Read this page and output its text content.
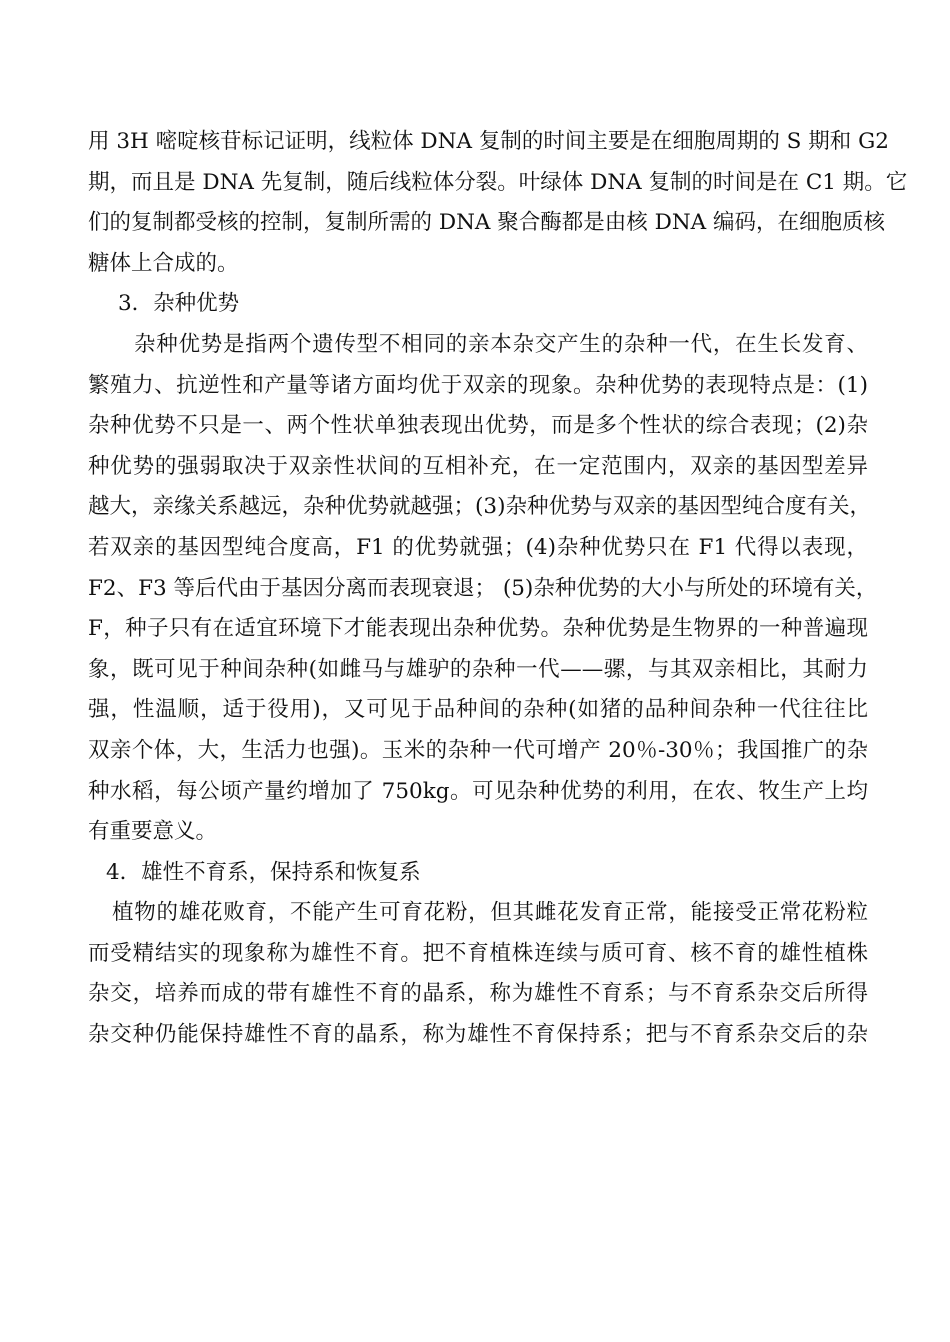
用 3H 嘧啶核苷标记证明，线粒体 DNA 复制的时间主要是在细胞周期的 S 期和 G2
期，而且是 DNA 先复制，随后线粒体分裂。叶绿体 DNA 复制的时间是在 C1 期。它
们的复制都受核的控制，复制所需的 DNA 聚合酶都是由核 DNA 编码，在细胞质核
糖体上合成的。
3．杂种优势
杂种优势是指两个遗传型不相同的亲本杂交产生的杂种一代，在生长发育、
繁殖力、抗逆性和产量等诸方面均优于双亲的现象。杂种优势的表现特点是：(1)
杂种优势不只是一、两个性状单独表现出优势，而是多个性状的综合表现；(2)杂
种优势的强弱取决于双亲性状间的互相补充，在一定范围内，双亲的基因型差异
越大，亲缘关系越远，杂种优势就越强；(3)杂种优势与双亲的基因型纯合度有关，
若双亲的基因型纯合度高，F1 的优势就强；(4)杂种优势只在 F1 代得以表现，
F2、F3 等后代由于基因分离而表现衰退； (5)杂种优势的大小与所处的环境有关，
F，种子只有在适宜环境下才能表现出杂种优势。杂种优势是生物界的一种普遍现
象，既可见于种间杂种(如雌马与雄驴的杂种一代——骡，与其双亲相比，其耐力
强，性温顺，适于役用)，又可见于品种间的杂种(如猪的品种间杂种一代往往比
双亲个体，大，生活力也强)。玉米的杂种一代可增产 20％-30％；我国推广的杂
种水稻，每公顷产量约增加了 750kg。可见杂种优势的利用，在农、牧生产上均
有重要意义。
4．雄性不育系，保持系和恢复系
植物的雄花败育，不能产生可育花粉，但其雌花发育正常，能接受正常花粉粒
而受精结实的现象称为雄性不育。把不育植株连续与质可育、核不育的雄性植株
杂交，培养而成的带有雄性不育的晶系，称为雄性不育系；与不育系杂交后所得
杂交种仍能保持雄性不育的晶系，称为雄性不育保持系；把与不育系杂交后的杂
